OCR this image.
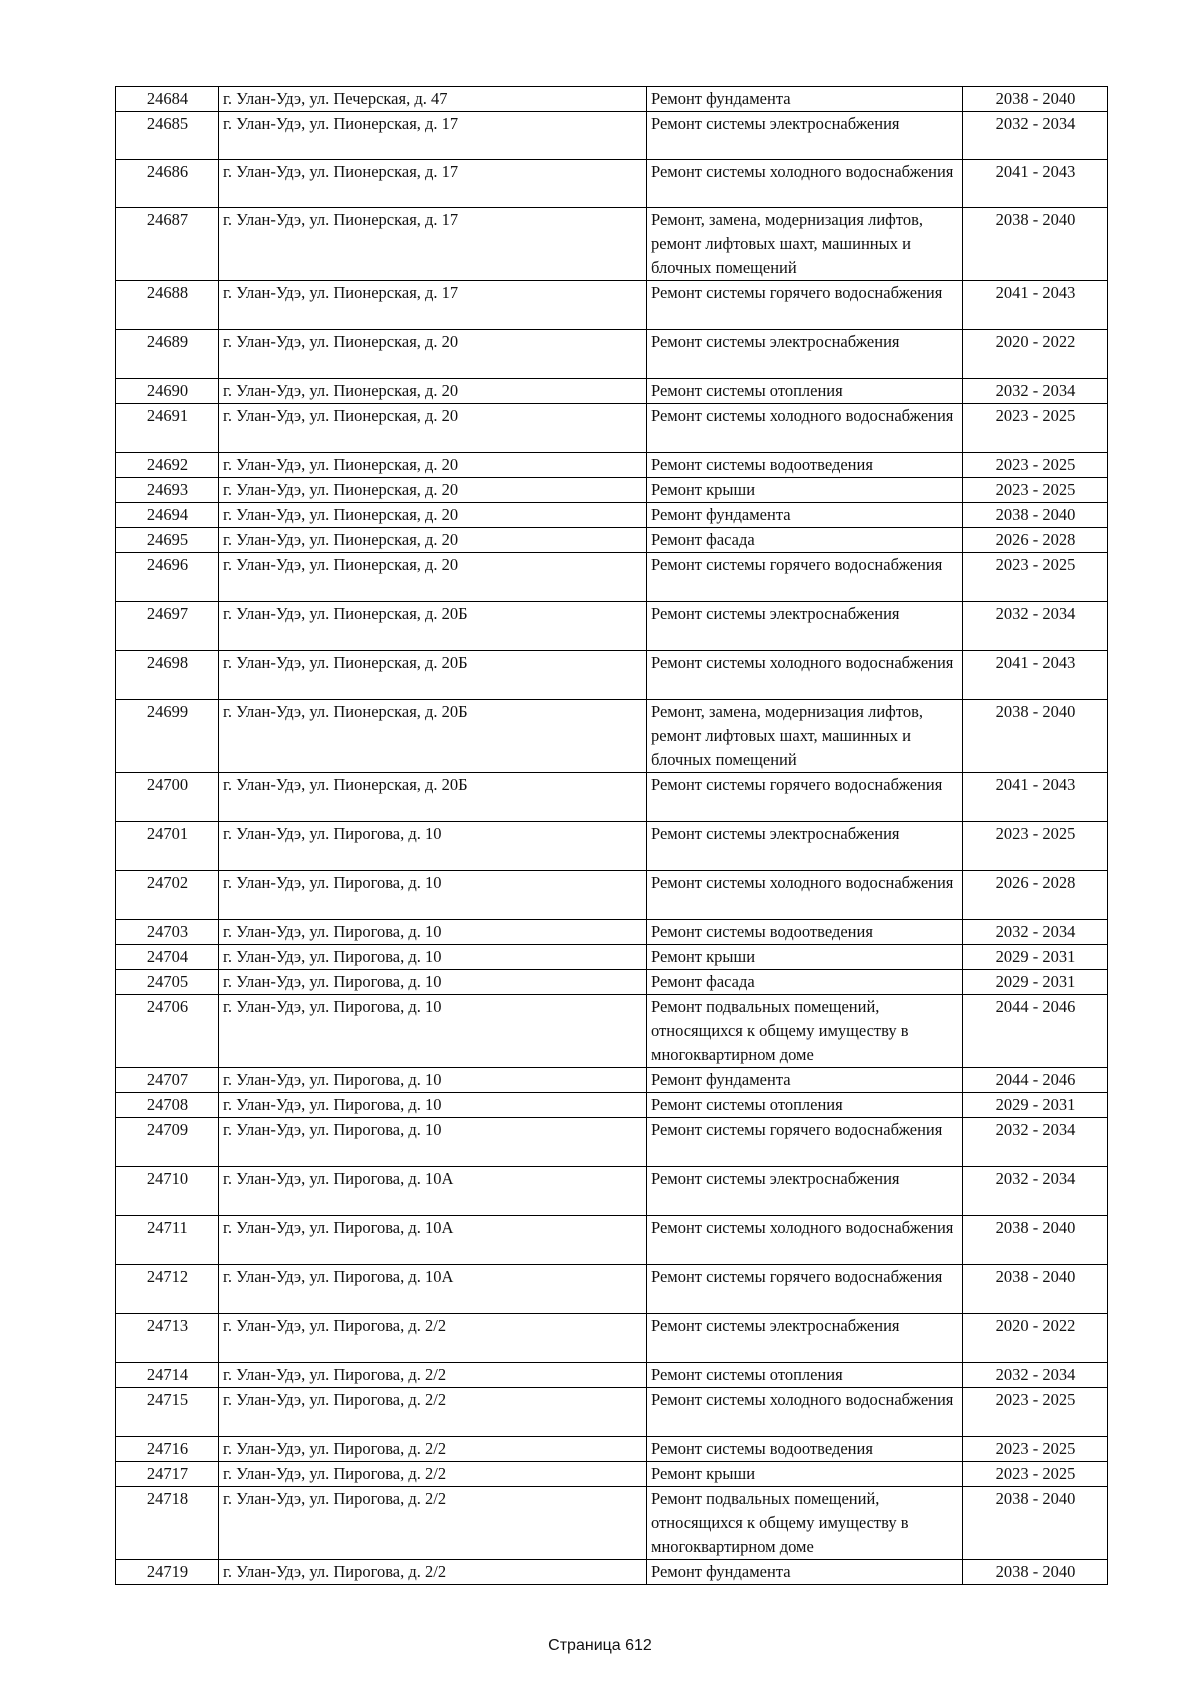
24684	г. Улан-Удэ, ул. Печерская, д. 47	Ремонт фундамента	2038 - 2040
24685	г. Улан-Удэ, ул. Пионерская, д. 17	Ремонт системы электроснабжения	2032 - 2034
24686	г. Улан-Удэ, ул. Пионерская, д. 17	Ремонт системы холодного водоснабжения	2041 - 2043
24687	г. Улан-Удэ, ул. Пионерская, д. 17	Ремонт, замена, модернизация лифтов, ремонт лифтовых шахт, машинных и блочных помещений	2038 - 2040
24688	г. Улан-Удэ, ул. Пионерская, д. 17	Ремонт системы горячего водоснабжения	2041 - 2043
24689	г. Улан-Удэ, ул. Пионерская, д. 20	Ремонт системы электроснабжения	2020 - 2022
24690	г. Улан-Удэ, ул. Пионерская, д. 20	Ремонт системы отопления	2032 - 2034
24691	г. Улан-Удэ, ул. Пионерская, д. 20	Ремонт системы холодного водоснабжения	2023 - 2025
24692	г. Улан-Удэ, ул. Пионерская, д. 20	Ремонт системы водоотведения	2023 - 2025
24693	г. Улан-Удэ, ул. Пионерская, д. 20	Ремонт крыши	2023 - 2025
24694	г. Улан-Удэ, ул. Пионерская, д. 20	Ремонт фундамента	2038 - 2040
24695	г. Улан-Удэ, ул. Пионерская, д. 20	Ремонт фасада	2026 - 2028
24696	г. Улан-Удэ, ул. Пионерская, д. 20	Ремонт системы горячего водоснабжения	2023 - 2025
24697	г. Улан-Удэ, ул. Пионерская, д. 20Б	Ремонт системы электроснабжения	2032 - 2034
24698	г. Улан-Удэ, ул. Пионерская, д. 20Б	Ремонт системы холодного водоснабжения	2041 - 2043
24699	г. Улан-Удэ, ул. Пионерская, д. 20Б	Ремонт, замена, модернизация лифтов, ремонт лифтовых шахт, машинных и блочных помещений	2038 - 2040
24700	г. Улан-Удэ, ул. Пионерская, д. 20Б	Ремонт системы горячего водоснабжения	2041 - 2043
24701	г. Улан-Удэ, ул. Пирогова, д. 10	Ремонт системы электроснабжения	2023 - 2025
24702	г. Улан-Удэ, ул. Пирогова, д. 10	Ремонт системы холодного водоснабжения	2026 - 2028
24703	г. Улан-Удэ, ул. Пирогова, д. 10	Ремонт системы водоотведения	2032 - 2034
24704	г. Улан-Удэ, ул. Пирогова, д. 10	Ремонт крыши	2029 - 2031
24705	г. Улан-Удэ, ул. Пирогова, д. 10	Ремонт фасада	2029 - 2031
24706	г. Улан-Удэ, ул. Пирогова, д. 10	Ремонт подвальных помещений, относящихся к общему имуществу в многоквартирном доме	2044 - 2046
24707	г. Улан-Удэ, ул. Пирогова, д. 10	Ремонт фундамента	2044 - 2046
24708	г. Улан-Удэ, ул. Пирогова, д. 10	Ремонт системы отопления	2029 - 2031
24709	г. Улан-Удэ, ул. Пирогова, д. 10	Ремонт системы горячего водоснабжения	2032 - 2034
24710	г. Улан-Удэ, ул. Пирогова, д. 10А	Ремонт системы электроснабжения	2032 - 2034
24711	г. Улан-Удэ, ул. Пирогова, д. 10А	Ремонт системы холодного водоснабжения	2038 - 2040
24712	г. Улан-Удэ, ул. Пирогова, д. 10А	Ремонт системы горячего водоснабжения	2038 - 2040
24713	г. Улан-Удэ, ул. Пирогова, д. 2/2	Ремонт системы электроснабжения	2020 - 2022
24714	г. Улан-Удэ, ул. Пирогова, д. 2/2	Ремонт системы отопления	2032 - 2034
24715	г. Улан-Удэ, ул. Пирогова, д. 2/2	Ремонт системы холодного водоснабжения	2023 - 2025
24716	г. Улан-Удэ, ул. Пирогова, д. 2/2	Ремонт системы водоотведения	2023 - 2025
24717	г. Улан-Удэ, ул. Пирогова, д. 2/2	Ремонт крыши	2023 - 2025
24718	г. Улан-Удэ, ул. Пирогова, д. 2/2	Ремонт подвальных помещений, относящихся к общему имуществу в многоквартирном доме	2038 - 2040
24719	г. Улан-Удэ, ул. Пирогова, д. 2/2	Ремонт фундамента	2038 - 2040
Страница 612
